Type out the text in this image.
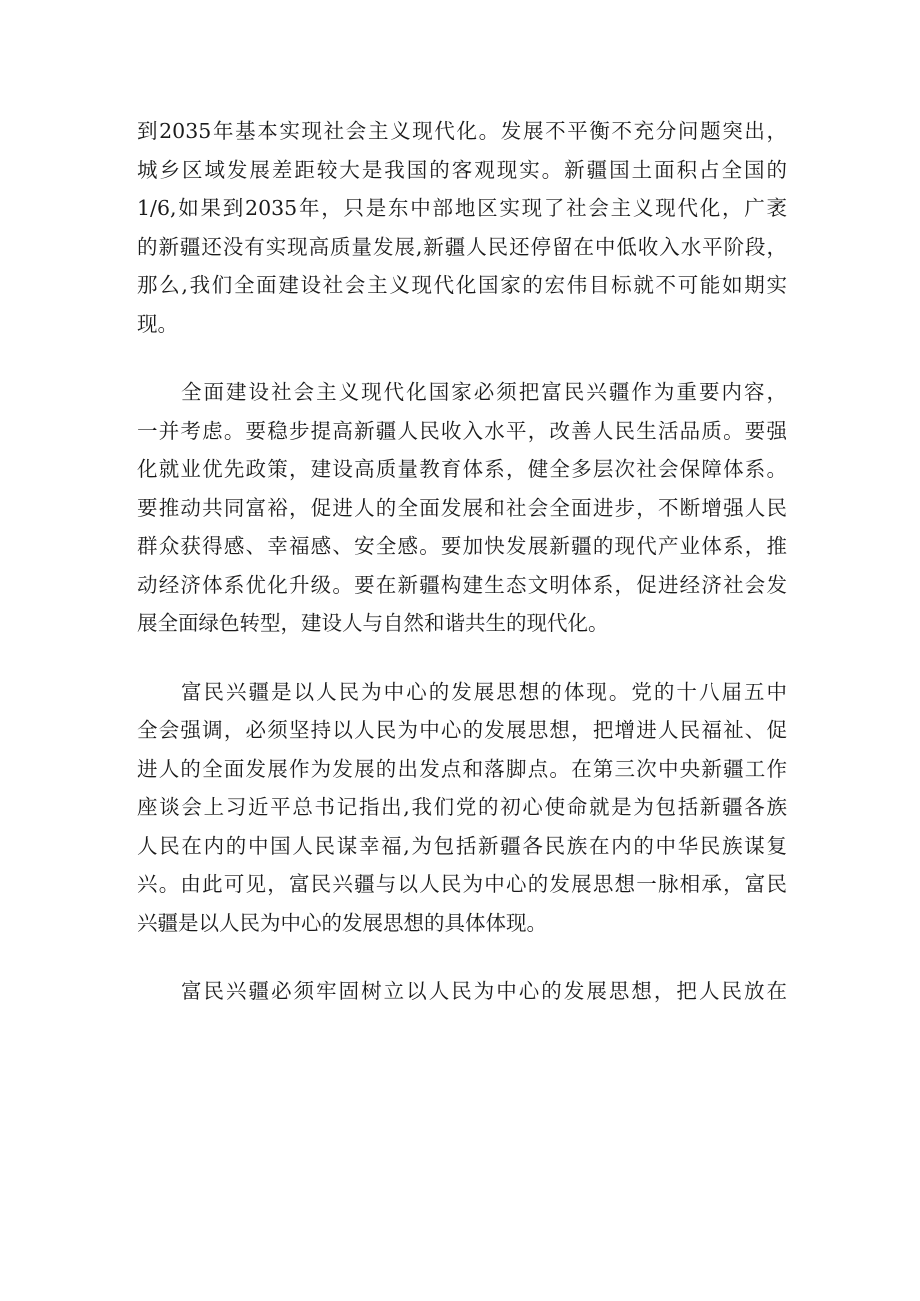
到2035年基本实现社会主义现代化。发展不平衡不充分问题突出，
城乡区域发展差距较大是我国的客观现实。新疆国土面积占全国的
1/6,如果到2035年，只是东中部地区实现了社会主义现代化，广袤
的新疆还没有实现高质量发展,新疆人民还停留在中低收入水平阶段，
那么,我们全面建设社会主义现代化国家的宏伟目标就不可能如期实
现。
全面建设社会主义现代化国家必须把富民兴疆作为重要内容，
一并考虑。要稳步提高新疆人民收入水平，改善人民生活品质。要强
化就业优先政策，建设高质量教育体系，健全多层次社会保障体系。
要推动共同富裕，促进人的全面发展和社会全面进步，不断增强人民
群众获得感、幸福感、安全感。要加快发展新疆的现代产业体系，推
动经济体系优化升级。要在新疆构建生态文明体系，促进经济社会发
展全面绿色转型，建设人与自然和谐共生的现代化。
富民兴疆是以人民为中心的发展思想的体现。党的十八届五中
全会强调，必须坚持以人民为中心的发展思想，把增进人民福祉、促
进人的全面发展作为发展的出发点和落脚点。在第三次中央新疆工作
座谈会上习近平总书记指出,我们党的初心使命就是为包括新疆各族
人民在内的中国人民谋幸福,为包括新疆各民族在内的中华民族谋复
兴。由此可见，富民兴疆与以人民为中心的发展思想一脉相承，富民
兴疆是以人民为中心的发展思想的具体体现。
富民兴疆必须牢固树立以人民为中心的发展思想，把人民放在
